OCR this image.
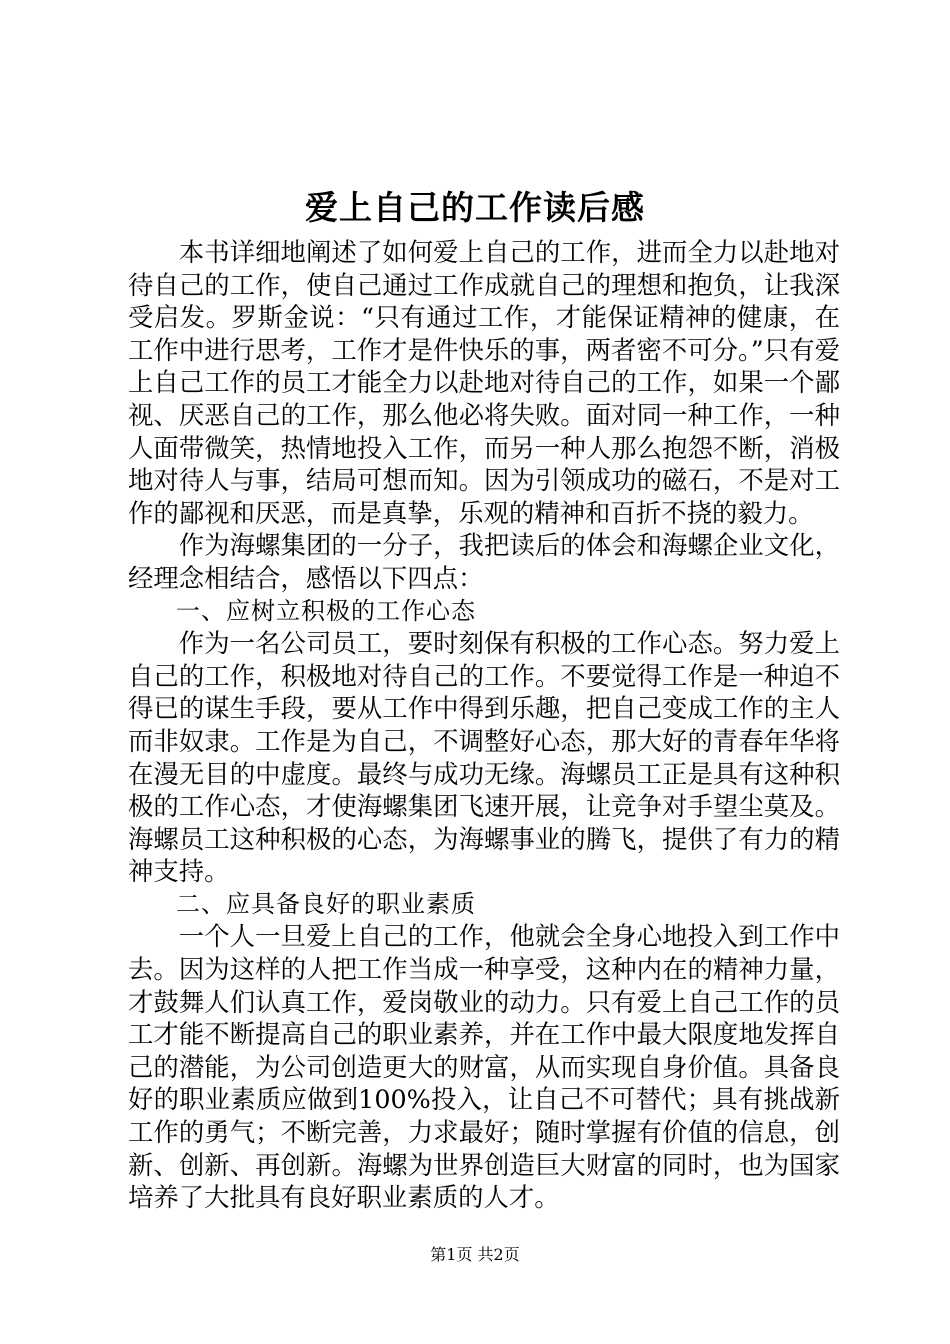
爱上自己的工作读后感

本书详细地阐述了如何爱上自己的工作，进而全力以赴地对待自己的工作，使自己通过工作成就自己的理想和抱负，让我深受启发。罗斯金说：“只有通过工作，才能保证精神的健康，在工作中进行思考，工作才是件快乐的事，两者密不可分。”只有爱上自己工作的员工才能全力以赴地对待自己的工作，如果一个鄙视、厌恶自己的工作，那么他必将失败。面对同一种工作，一种人面带微笑，热情地投入工作，而另一种人那么抱怨不断，消极地对待人与事，结局可想而知。因为引领成功的磁石，不是对工作的鄙视和厌恶，而是真挚，乐观的精神和百折不挠的毅力。

作为海螺集团的一分子，我把读后的体会和海螺企业文化，经理念相结合，感悟以下四点：

一、应树立积极的工作心态

作为一名公司员工，要时刻保有积极的工作心态。努力爱上自己的工作，积极地对待自己的工作。不要觉得工作是一种迫不得已的谋生手段，要从工作中得到乐趣，把自己变成工作的主人而非奴隶。工作是为自己，不调整好心态，那大好的青春年华将在漫无目的中虚度。最终与成功无缘。海螺员工正是具有这种积极的工作心态，才使海螺集团飞速开展，让竞争对手望尘莫及。海螺员工这种积极的心态，为海螺事业的腾飞，提供了有力的精神支持。

二、应具备良好的职业素质

一个人一旦爱上自己的工作，他就会全身心地投入到工作中去。因为这样的人把工作当成一种享受，这种内在的精神力量，才鼓舞人们认真工作，爱岗敬业的动力。只有爱上自己工作的员工才能不断提高自己的职业素养，并在工作中最大限度地发挥自己的潜能，为公司创造更大的财富，从而实现自身价值。具备良好的职业素质应做到100%投入，让自己不可替代；具有挑战新工作的勇气；不断完善，力求最好；随时掌握有价值的信息，创新、创新、再创新。海螺为世界创造巨大财富的同时，也为国家培养了大批具有良好职业素质的人才。

第1页 共2页
